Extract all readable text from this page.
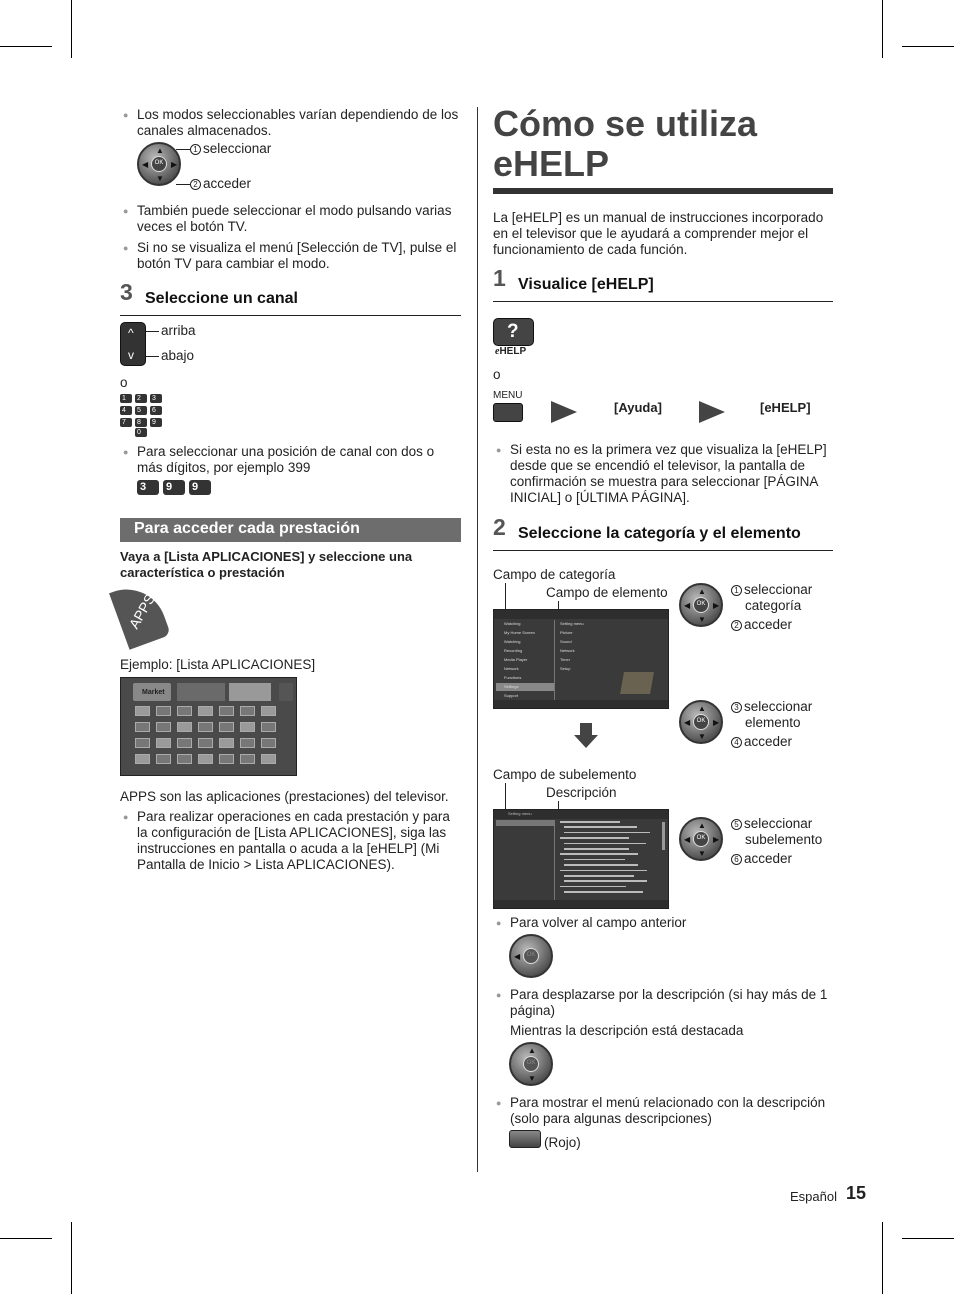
● Los modos seleccionables varían dependiendo de los canales almacenados.
▲
▼
◀	▶
OK
1 seleccionar
2 acceder
● También puede seleccionar el modo pulsando varias veces el botón TV.
● Si no se visualiza el menú [Selección de TV], pulse el botón TV para cambiar el modo.
3 Seleccione un canal
^
v
arriba
abajo
o
1	2	3
4	5	6
7	8	9
0
● Para seleccionar una posición de canal con dos o más dígitos, por ejemplo 399
3	9	9
Para acceder cada prestación
Vaya a [Lista APLICACIONES] y seleccione una característica o prestación
APPS
Ejemplo: [Lista APLICACIONES]
Market
APPS son las aplicaciones (prestaciones) del televisor.
● Para realizar operaciones en cada prestación y para la configuración de [Lista APLICACIONES], siga las instrucciones en pantalla o acuda a la [eHELP] (Mi Pantalla de Inicio > Lista APLICACIONES).
Cómo se utiliza
eHELP
La [eHELP] es un manual de instrucciones incorporado en el televisor que le ayudará a comprender mejor el funcionamiento de cada función.
1 Visualice [eHELP]
?
eHELP
o
MENU
[Ayuda]	[eHELP]
● Si esta no es la primera vez que visualiza la [eHELP] desde que se encendió el televisor, la pantalla de confirmación se muestra para seleccionar [PÁGINA INICIAL] o [ÚLTIMA PÁGINA].
2 Seleccione la categoría y el elemento
Campo de categoría
Campo de elemento
Watching
My Home Screen
Watching
Recording
Media Player
Network
Functions
Settings
Support
Setting menu
Picture
Sound
Network
Timer
Setup
▲
▼
◀	▶
OK
1 seleccionar
categoría
2 acceder
▲
▼
◀	▶
OK
3 seleccionar
elemento
4 acceder
Campo de subelemento
Descripción
Setting menu
▲
▼
◀	▶
OK
5 seleccionar
subelemento
6 acceder
● Para volver al campo anterior
◀	OK
● Para desplazarse por la descripción (si hay más de 1 página)
Mientras la descripción está destacada
▲
▼
OK
● Para mostrar el menú relacionado con la descripción (solo para algunas descripciones)
(Rojo)
Español 15
